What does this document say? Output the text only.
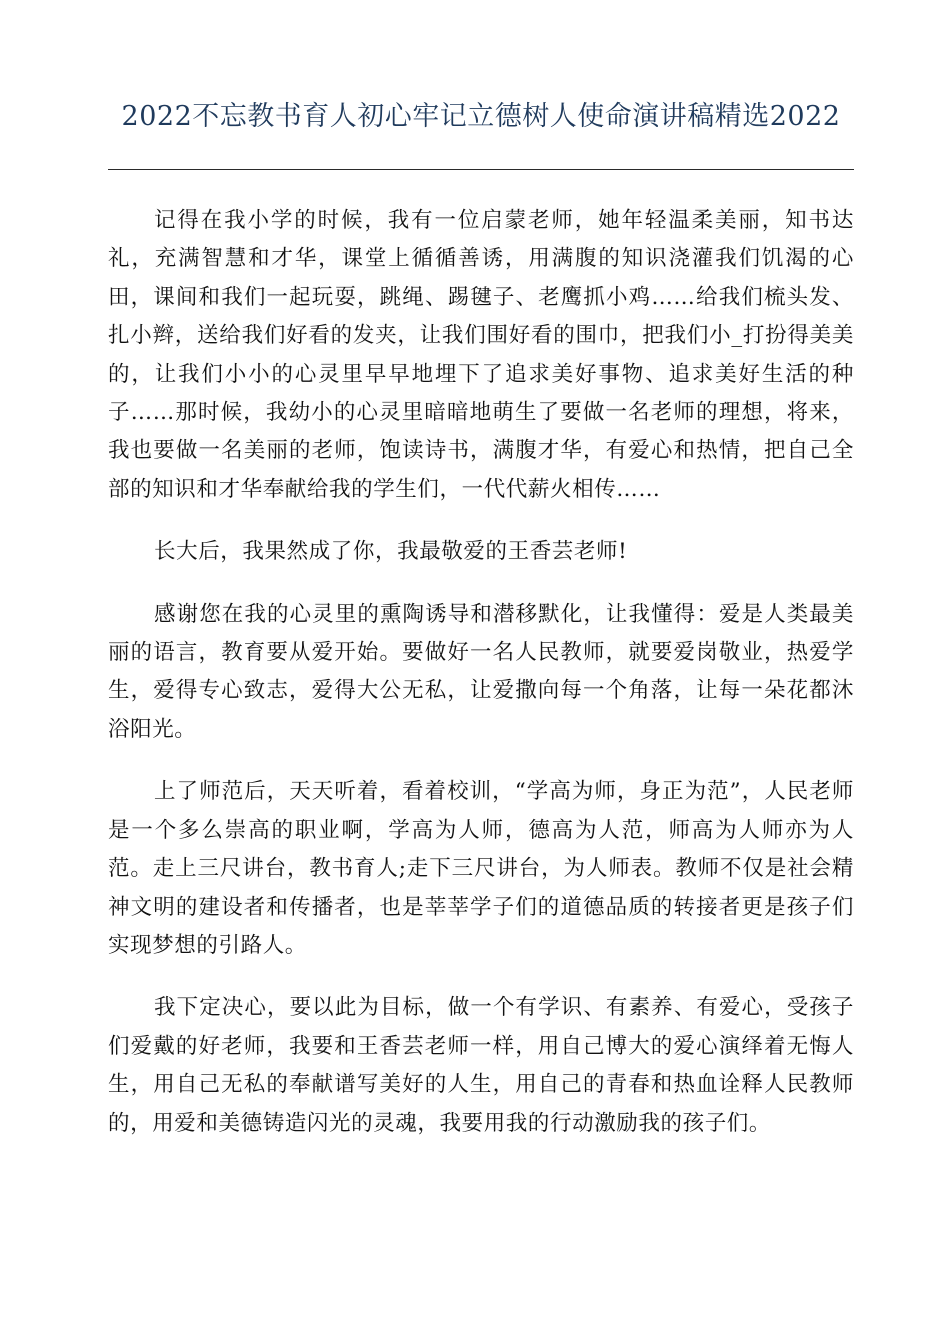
2022不忘教书育人初心牢记立德树人使命演讲稿精选2022

记得在我小学的时候，我有一位启蒙老师，她年轻温柔美丽，知书达礼，充满智慧和才华，课堂上循循善诱，用满腹的知识浇灌我们饥渴的心田，课间和我们一起玩耍，跳绳、踢毽子、老鹰抓小鸡……给我们梳头发、扎小辫，送给我们好看的发夹，让我们围好看的围巾，把我们小_打扮得美美的，让我们小小的心灵里早早地埋下了追求美好事物、追求美好生活的种子……那时候，我幼小的心灵里暗暗地萌生了要做一名老师的理想，将来，我也要做一名美丽的老师，饱读诗书，满腹才华，有爱心和热情，把自己全部的知识和才华奉献给我的学生们，一代代薪火相传……

长大后，我果然成了你，我最敬爱的王香芸老师!

感谢您在我的心灵里的熏陶诱导和潜移默化，让我懂得：爱是人类最美丽的语言，教育要从爱开始。要做好一名人民教师，就要爱岗敬业，热爱学生，爱得专心致志，爱得大公无私，让爱撒向每一个角落，让每一朵花都沐浴阳光。

上了师范后，天天听着，看着校训，“学高为师，身正为范”，人民老师是一个多么崇高的职业啊，学高为人师，德高为人范，师高为人师亦为人范。走上三尺讲台，教书育人;走下三尺讲台，为人师表。教师不仅是社会精神文明的建设者和传播者，也是莘莘学子们的道德品质的转接者更是孩子们实现梦想的引路人。

我下定决心，要以此为目标，做一个有学识、有素养、有爱心，受孩子们爱戴的好老师，我要和王香芸老师一样，用自己博大的爱心演绎着无悔人生，用自己无私的奉献谱写美好的人生，用自己的青春和热血诠释人民教师的，用爱和美德铸造闪光的灵魂，我要用我的行动激励我的孩子们。
